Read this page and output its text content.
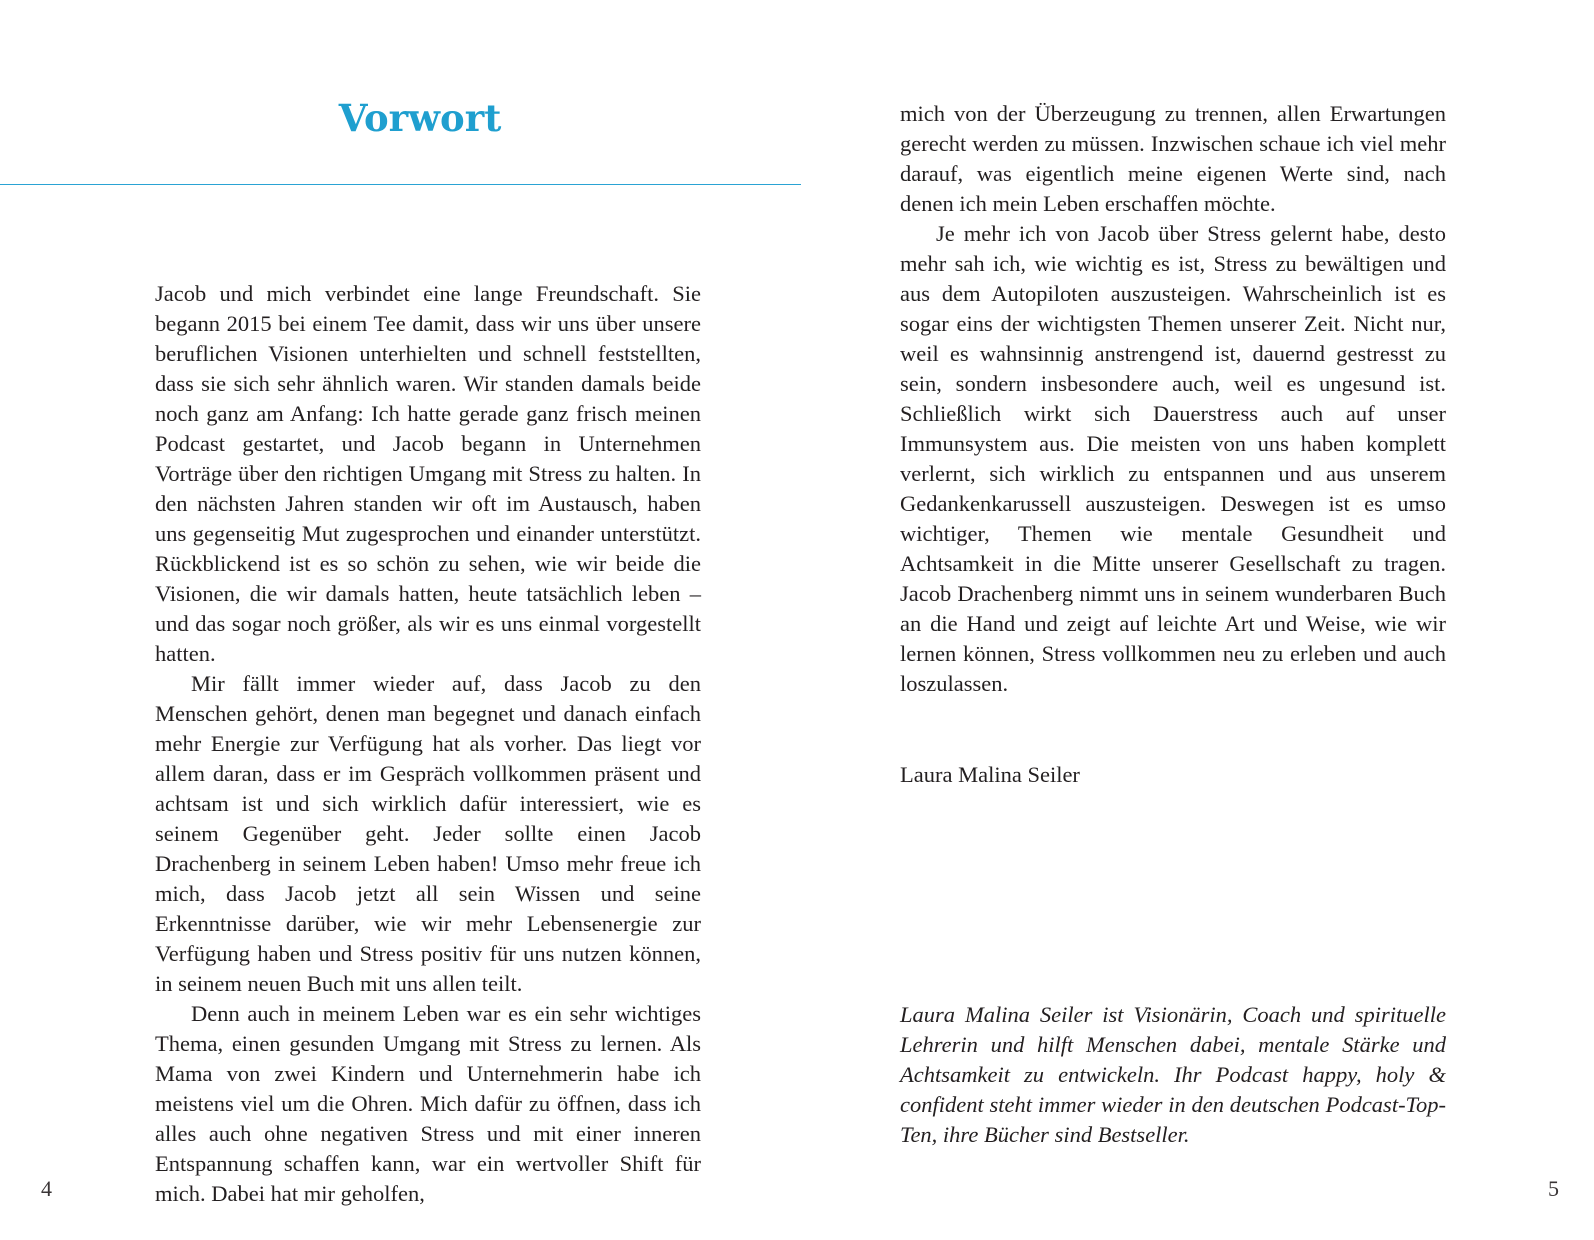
Vorwort

Jacob und mich verbindet eine lange Freundschaft. Sie begann 2015 bei einem Tee damit, dass wir uns über unsere beruflichen Visionen unterhielten und schnell feststellten, dass sie sich sehr ähnlich waren. Wir standen damals beide noch ganz am Anfang: Ich hatte gerade ganz frisch meinen Podcast gestartet, und Jacob begann in Unternehmen Vorträge über den richtigen Umgang mit Stress zu halten. In den nächsten Jahren standen wir oft im Austausch, haben uns gegenseitig Mut zugesprochen und einander unterstützt. Rückblickend ist es so schön zu sehen, wie wir beide die Visionen, die wir damals hatten, heute tatsächlich leben – und das sogar noch größer, als wir es uns einmal vorgestellt hatten.

Mir fällt immer wieder auf, dass Jacob zu den Menschen gehört, denen man begegnet und danach einfach mehr Energie zur Verfügung hat als vorher. Das liegt vor allem daran, dass er im Gespräch vollkommen präsent und achtsam ist und sich wirklich dafür interessiert, wie es seinem Gegenüber geht. Jeder sollte einen Jacob Drachenberg in seinem Leben haben! Umso mehr freue ich mich, dass Jacob jetzt all sein Wissen und seine Erkenntnisse darüber, wie wir mehr Lebensenergie zur Verfügung haben und Stress positiv für uns nutzen können, in seinem neuen Buch mit uns allen teilt.

Denn auch in meinem Leben war es ein sehr wichtiges Thema, einen gesunden Umgang mit Stress zu lernen. Als Mama von zwei Kindern und Unternehmerin habe ich meistens viel um die Ohren. Mich dafür zu öffnen, dass ich alles auch ohne negativen Stress und mit einer inneren Entspannung schaffen kann, war ein wertvoller Shift für mich. Dabei hat mir geholfen,

4

mich von der Überzeugung zu trennen, allen Erwartungen gerecht werden zu müssen. Inzwischen schaue ich viel mehr darauf, was eigentlich meine eigenen Werte sind, nach denen ich mein Leben erschaffen möchte.

Je mehr ich von Jacob über Stress gelernt habe, desto mehr sah ich, wie wichtig es ist, Stress zu bewältigen und aus dem Autopiloten auszusteigen. Wahrscheinlich ist es sogar eins der wichtigsten Themen unserer Zeit. Nicht nur, weil es wahnsinnig anstrengend ist, dauernd gestresst zu sein, sondern insbesondere auch, weil es ungesund ist. Schließlich wirkt sich Dauerstress auch auf unser Immunsystem aus. Die meisten von uns haben komplett verlernt, sich wirklich zu entspannen und aus unserem Gedankenkarussell auszusteigen. Deswegen ist es umso wichtiger, Themen wie mentale Gesundheit und Achtsamkeit in die Mitte unserer Gesellschaft zu tragen. Jacob Drachenberg nimmt uns in seinem wunderbaren Buch an die Hand und zeigt auf leichte Art und Weise, wie wir lernen können, Stress vollkommen neu zu erleben und auch loszulassen.

Laura Malina Seiler

Laura Malina Seiler ist Visionärin, Coach und spirituelle Lehrerin und hilft Menschen dabei, mentale Stärke und Achtsamkeit zu entwickeln. Ihr Podcast happy, holy & confident steht immer wieder in den deutschen Podcast-Top-Ten, ihre Bücher sind Bestseller.

5
